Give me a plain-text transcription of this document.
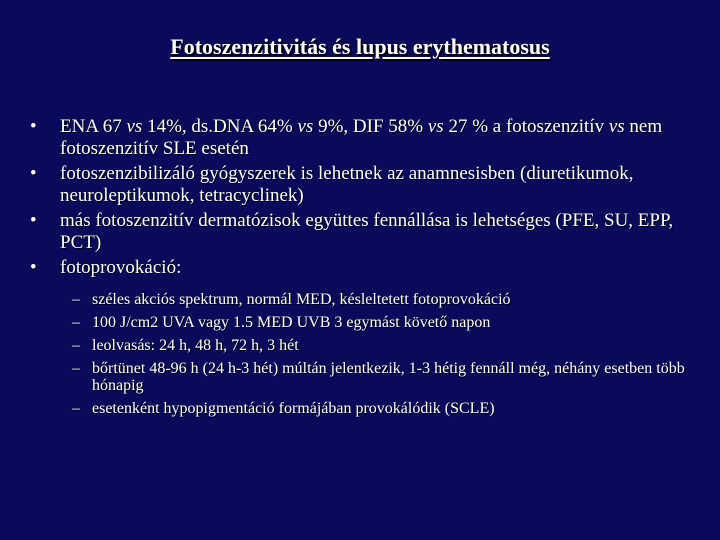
Fotoszenzitivitás és lupus erythematosus
• ENA 67 vs 14%, ds.DNA 64% vs 9%, DIF 58% vs 27 % a fotoszenzitív vs nem fotoszenzitív SLE esetén
• fotoszenzibilizáló gyógyszerek is lehetnek az anamnesisben (diuretikumok, neuroleptikumok, tetracyclinek)
• más fotoszenzitív dermatózisok együttes fennállása is lehetséges (PFE, SU, EPP, PCT)
• fotoprovokáció:
– széles akciós spektrum, normál MED, késleltetett fotoprovokáció
– 100 J/cm2 UVA vagy 1.5 MED UVB 3 egymást követő napon
– leolvasás: 24 h, 48 h, 72 h, 3 hét
– bőrtünet 48-96 h (24 h-3 hét) múltán jelentkezik, 1-3 hétig fennáll még, néhány esetben több hónapig
– esetenként hypopigmentáció formájában provokálódik (SCLE)
